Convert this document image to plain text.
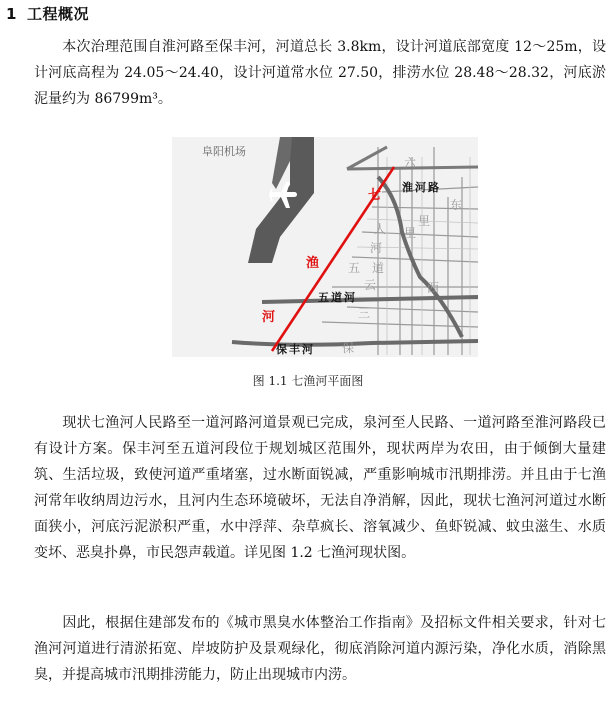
1 工程概况

本次治理范围自淮河路至保丰河，河道总长 3.8km，设计河道底部宽度 12～25m，设计河底高程为 24.05～24.40，设计河道常水位 27.50，排涝水位 28.48～28.32，河底淤泥量约为 86799m³。

阜阳机场
六
里
东
人
里
河
道
五
云	西
三
保
七
渔
河
淮河路
五道河
保丰河
图 1.1 七渔河平面图

现状七渔河人民路至一道河路河道景观已完成，泉河至人民路、一道河路至淮河路段已有设计方案。保丰河至五道河段位于规划城区范围外，现状两岸为农田，由于倾倒大量建筑、生活垃圾，致使河道严重堵塞，过水断面锐减，严重影响城市汛期排涝。并且由于七渔河常年收纳周边污水，且河内生态环境破坏，无法自净消解，因此，现状七渔河河道过水断面狭小，河底污泥淤积严重，水中浮萍、杂草疯长、溶氧减少、鱼虾锐减、蚊虫滋生、水质变坏、恶臭扑鼻，市民怨声载道。详见图 1.2 七渔河现状图。

因此，根据住建部发布的《城市黑臭水体整治工作指南》及招标文件相关要求，针对七渔河河道进行清淤拓宽、岸坡防护及景观绿化，彻底消除河道内源污染，净化水质，消除黑臭，并提高城市汛期排涝能力，防止出现城市内涝。
